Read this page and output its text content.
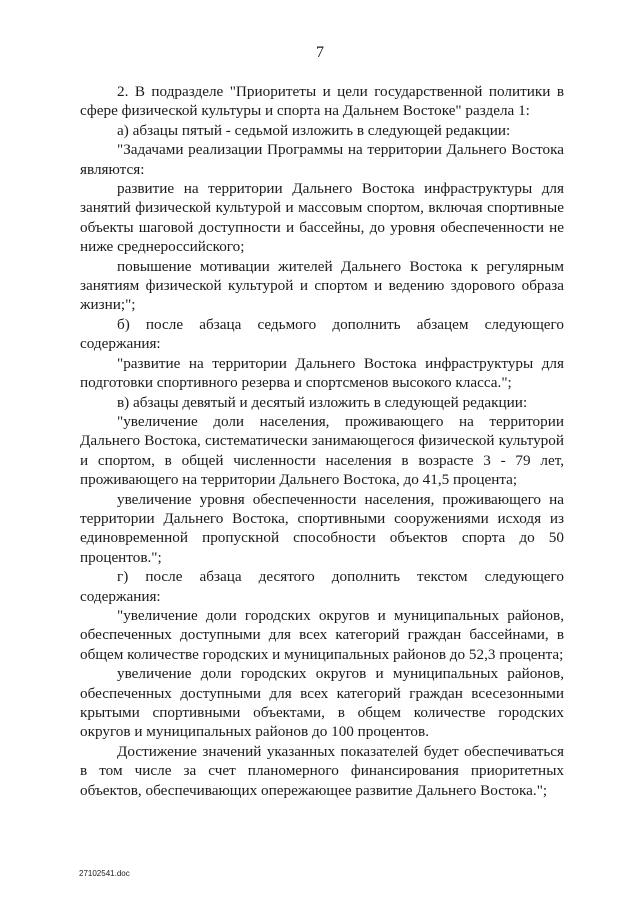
7

2. В подразделе "Приоритеты и цели государственной политики в сфере физической культуры и спорта на Дальнем Востоке" раздела 1:

а) абзацы пятый - седьмой изложить в следующей редакции:

"Задачами реализации Программы на территории Дальнего Востока являются:

развитие на территории Дальнего Востока инфраструктуры для занятий физической культурой и массовым спортом, включая спортивные объекты шаговой доступности и бассейны, до уровня обеспеченности не ниже среднероссийского;

повышение мотивации жителей Дальнего Востока к регулярным занятиям физической культурой и спортом и ведению здорового образа жизни;";

б) после абзаца седьмого дополнить абзацем следующего содержания:

"развитие на территории Дальнего Востока инфраструктуры для подготовки спортивного резерва и спортсменов высокого класса.";

в) абзацы девятый и десятый изложить в следующей редакции:

"увеличение доли населения, проживающего на территории Дальнего Востока, систематически занимающегося физической культурой и спортом, в общей численности населения в возрасте 3 - 79 лет, проживающего на территории Дальнего Востока, до 41,5 процента;

увеличение уровня обеспеченности населения, проживающего на территории Дальнего Востока, спортивными сооружениями исходя из единовременной пропускной способности объектов спорта до 50 процентов.";

г) после абзаца десятого дополнить текстом следующего содержания:

"увеличение доли городских округов и муниципальных районов, обеспеченных доступными для всех категорий граждан бассейнами, в общем количестве городских и муниципальных районов до 52,3 процента;

увеличение доли городских округов и муниципальных районов, обеспеченных доступными для всех категорий граждан всесезонными крытыми спортивными объектами, в общем количестве городских округов и муниципальных районов до 100 процентов.

Достижение значений указанных показателей будет обеспечиваться в том числе за счет планомерного финансирования приоритетных объектов, обеспечивающих опережающее развитие Дальнего Востока.";

27102541.doc
